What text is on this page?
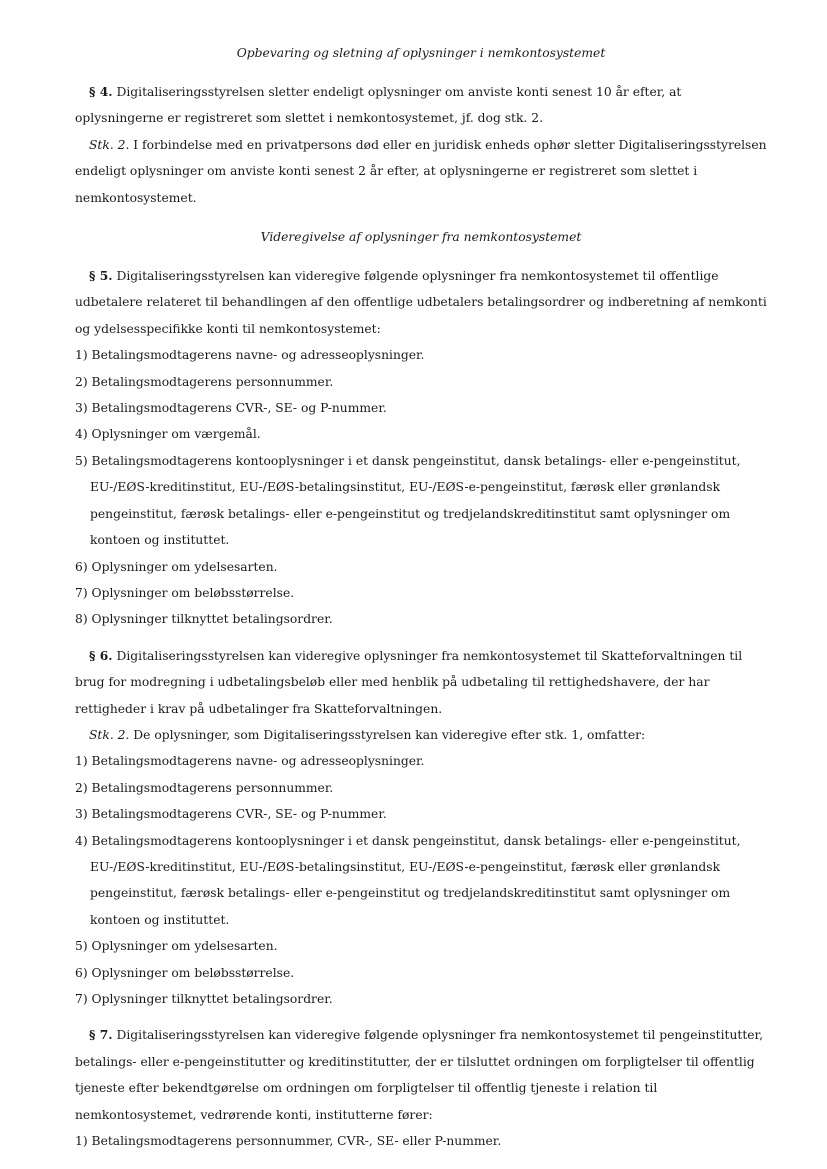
Opbevaring og sletning af oplysninger i nemkontosystemet

§ 4. Digitaliseringsstyrelsen sletter endeligt oplysninger om anviste konti senest 10 år efter, at oplysningerne er registreret som slettet i nemkontosystemet, jf. dog stk. 2.

Stk. 2. I forbindelse med en privatpersons død eller en juridisk enheds ophør sletter Digitaliseringsstyrelsen endeligt oplysninger om anviste konti senest 2 år efter, at oplysningerne er registreret som slettet i nemkontosystemet.

Videregivelse af oplysninger fra nemkontosystemet

§ 5. Digitaliseringsstyrelsen kan videregive følgende oplysninger fra nemkontosystemet til offentlige udbetalere relateret til behandlingen af den offentlige udbetalers betalingsordrer og indberetning af nemkonti og ydelsesspecifikke konti til nemkontosystemet:

1) Betalingsmodtagerens navne- og adresseoplysninger.
2) Betalingsmodtagerens personnummer.
3) Betalingsmodtagerens CVR-, SE- og P-nummer.
4) Oplysninger om værgemål.
5) Betalingsmodtagerens kontooplysninger i et dansk pengeinstitut, dansk betalings- eller e-pengeinstitut, EU-/EØS-kreditinstitut, EU-/EØS-betalingsinstitut, EU-/EØS-e-pengeinstitut, færøsk eller grønlandsk pengeinstitut, færøsk betalings- eller e-pengeinstitut og tredjelandskreditinstitut samt oplysninger om kontoen og instituttet.
6) Oplysninger om ydelsesarten.
7) Oplysninger om beløbsstørrelse.
8) Oplysninger tilknyttet betalingsordrer.

§ 6. Digitaliseringsstyrelsen kan videregive oplysninger fra nemkontosystemet til Skatteforvaltningen til brug for modregning i udbetalingsbeløb eller med henblik på udbetaling til rettighedshavere, der har rettigheder i krav på udbetalinger fra Skatteforvaltningen.

Stk. 2. De oplysninger, som Digitaliseringsstyrelsen kan videregive efter stk. 1, omfatter:

1) Betalingsmodtagerens navne- og adresseoplysninger.
2) Betalingsmodtagerens personnummer.
3) Betalingsmodtagerens CVR-, SE- og P-nummer.
4) Betalingsmodtagerens kontooplysninger i et dansk pengeinstitut, dansk betalings- eller e-pengeinstitut, EU-/EØS-kreditinstitut, EU-/EØS-betalingsinstitut, EU-/EØS-e-pengeinstitut, færøsk eller grønlandsk pengeinstitut, færøsk betalings- eller e-pengeinstitut og tredjelandskreditinstitut samt oplysninger om kontoen og instituttet.
5) Oplysninger om ydelsesarten.
6) Oplysninger om beløbsstørrelse.
7) Oplysninger tilknyttet betalingsordrer.

§ 7. Digitaliseringsstyrelsen kan videregive følgende oplysninger fra nemkontosystemet til pengeinstitutter, betalings- eller e-pengeinstitutter og kreditinstitutter, der er tilsluttet ordningen om forpligtelser til offentlig tjeneste efter bekendtgørelse om ordningen om forpligtelser til offentlig tjeneste i relation til nemkontosystemet, vedrørende konti, institutterne fører:

1) Betalingsmodtagerens personnummer, CVR-, SE- eller P-nummer.
